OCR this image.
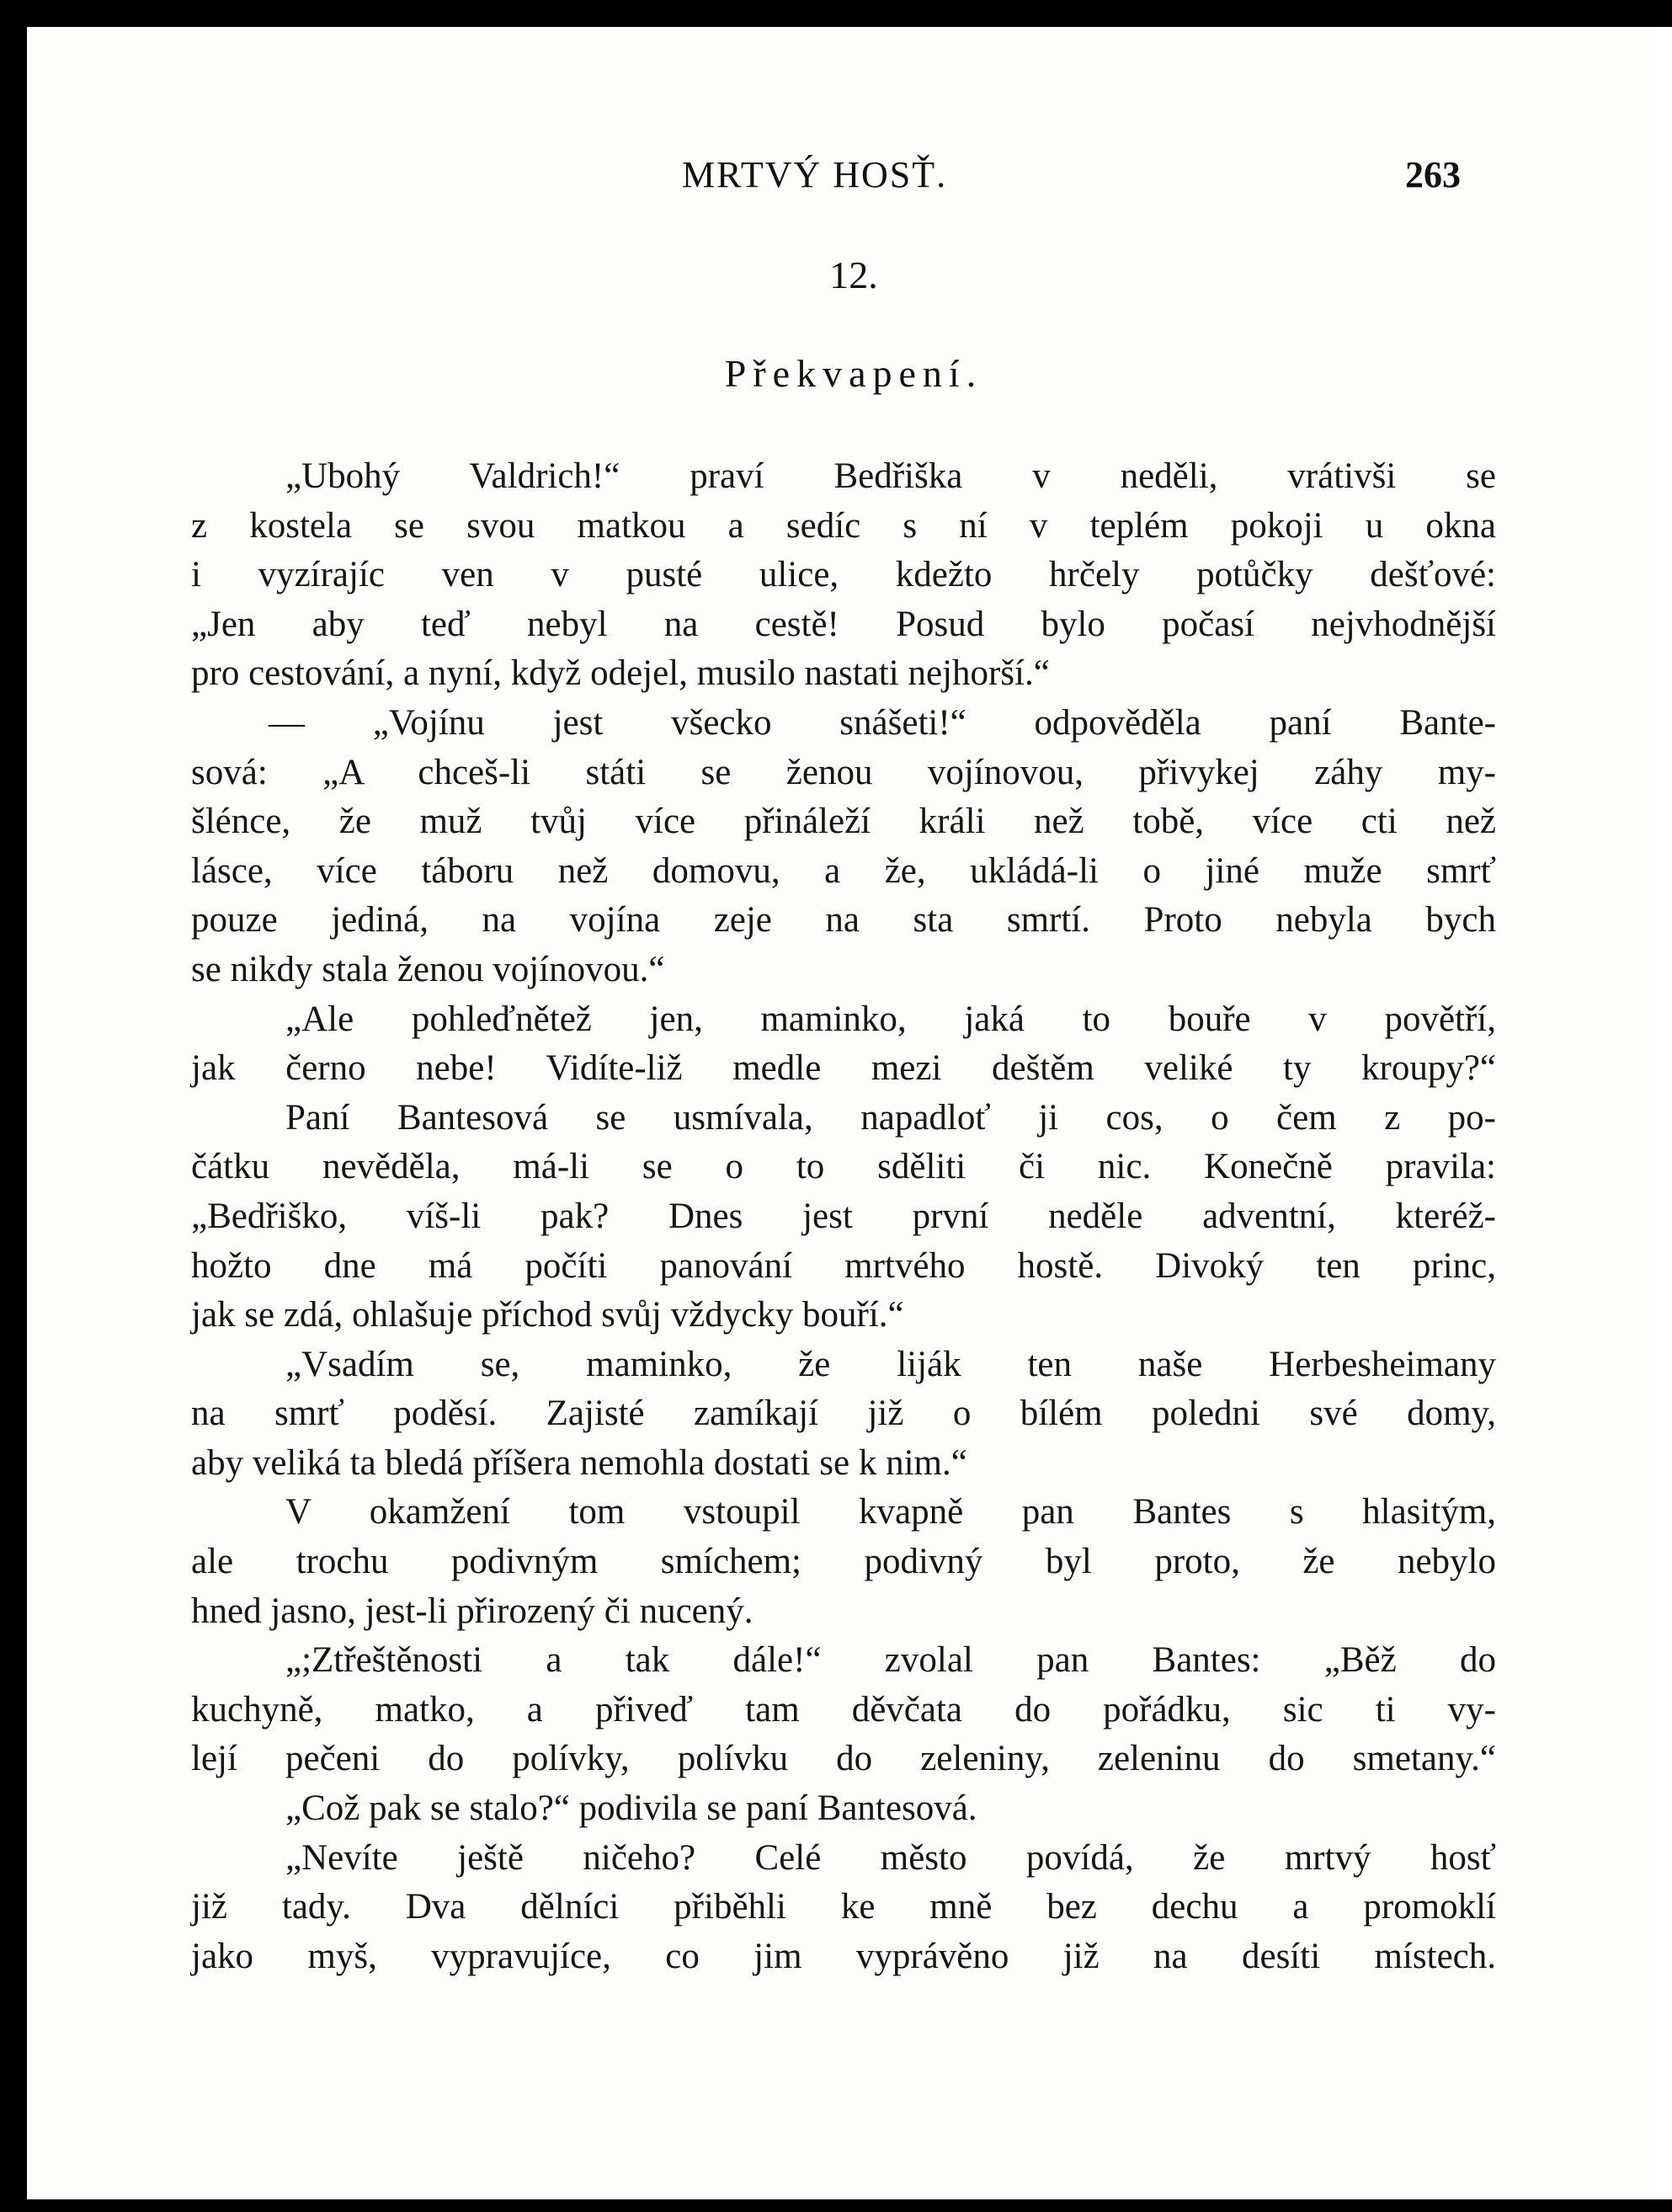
MRTVÝ HOSŤ.	263
12.
Překvapení.
„Ubohý Valdrich!“ praví Bedřiška v neděli, vrátivši se
z kostela se svou matkou a sedíc s ní v teplém pokoji u okna
i vyzírajíc ven v pusté ulice, kdežto hrčely potůčky dešťové:
„Jen aby teď nebyl na cestě! Posud bylo počasí nejvhodnější
pro cestování, a nyní, když odejel, musilo nastati nejhorší.“
— „Vojínu jest všecko snášeti!“ odpověděla paní Bante-
sová: „A chceš-li státi se ženou vojínovou, přivykej záhy my-
šlénce, že muž tvůj více přináleží králi než tobě, více cti než
lásce, více táboru než domovu, a že, ukládá-li o jiné muže smrť
pouze jediná, na vojína zeje na sta smrtí. Proto nebyla bych
se nikdy stala ženou vojínovou.“
„Ale pohleďnětež jen, maminko, jaká to bouře v povětří,
jak černo nebe! Vidíte-liž medle mezi deštěm veliké ty kroupy?“
Paní Bantesová se usmívala, napadloť ji cos, o čem z po-
čátku nevěděla, má-li se o to sděliti či nic. Konečně pravila:
„Bedřiško, víš-li pak? Dnes jest první neděle adventní, kteréž-
hožto dne má počíti panování mrtvého hostě. Divoký ten princ,
jak se zdá, ohlašuje příchod svůj vždycky bouří.“
„Vsadím se, maminko, že liják ten naše Herbesheimany
na smrť poděsí. Zajisté zamíkají již o bílém poledni své domy,
aby veliká ta bledá příšera nemohla dostati se k nim.“
V okamžení tom vstoupil kvapně pan Bantes s hlasitým,
ale trochu podivným smíchem; podivný byl proto, že nebylo
hned jasno, jest-li přirozený či nucený.
„;Ztřeštěnosti a tak dále!“ zvolal pan Bantes: „Běž do
kuchyně, matko, a přiveď tam děvčata do pořádku, sic ti vy-
lejí pečeni do polívky, polívku do zeleniny, zeleninu do smetany.“
„Což pak se stalo?“ podivila se paní Bantesová.
„Nevíte ještě ničeho? Celé město povídá, že mrtvý hosť
již tady. Dva dělníci přiběhli ke mně bez dechu a promoklí
jako myš, vypravujíce, co jim vyprávěno již na desíti místech.
